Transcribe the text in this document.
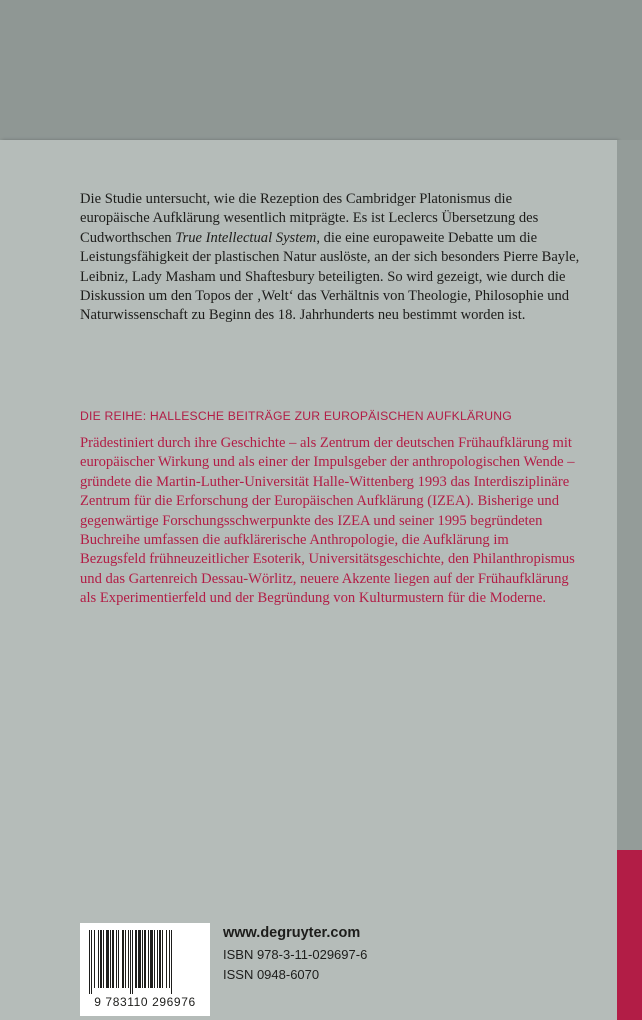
Die Studie untersucht, wie die Rezeption des Cambridger Platonismus die europäische Aufklärung wesentlich mitprägte. Es ist Leclercs Übersetzung des Cudworthschen True Intellectual System, die eine europaweite Debatte um die Leistungsfähigkeit der plastischen Natur auslöste, an der sich besonders Pierre Bayle, Leibniz, Lady Masham und Shaftesbury beteiligten. So wird gezeigt, wie durch die Diskussion um den Topos der ‚Welt‘ das Verhältnis von Theologie, Philosophie und Naturwissenschaft zu Beginn des 18. Jahrhunderts neu bestimmt worden ist.

DIE REIHE: HALLESCHE BEITRÄGE ZUR EUROPÄISCHEN AUFKLÄRUNG

Prädestiniert durch ihre Geschichte – als Zentrum der deutschen Frühaufklärung mit europäischer Wirkung und als einer der Impulsgeber der anthropologischen Wende – gründete die Martin-Luther-Universität Halle-Wittenberg 1993 das Interdisziplinäre Zentrum für die Erforschung der Europäischen Aufklärung (IZEA). Bisherige und gegenwärtige Forschungsschwerpunkte des IZEA und seiner 1995 begründeten Buchreihe umfassen die aufklärerische Anthropologie, die Aufklärung im Bezugsfeld frühneuzeitlicher Esoterik, Universitätsgeschichte, den Philanthropismus und das Gartenreich Dessau-Wörlitz, neuere Akzente liegen auf der Frühaufklärung als Experimentierfeld und der Begründung von Kulturmustern für die Moderne.

9 783110 296976
www.degruyter.com
ISBN 978-3-11-029697-6
ISSN 0948-6070
